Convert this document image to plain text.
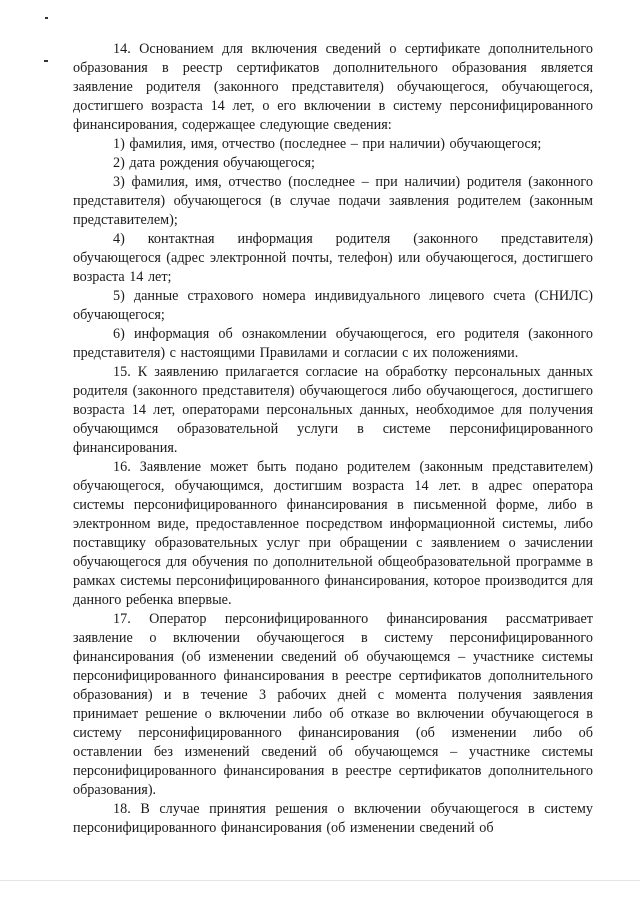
14. Основанием для включения сведений о сертификате дополнительного образования в реестр сертификатов дополнительного образования является заявление родителя (законного представителя) обучающегося, обучающегося, достигшего возраста 14 лет, о его включении в систему персонифицированного финансирования, содержащее следующие сведения:

1) фамилия, имя, отчество (последнее – при наличии) обучающегося;

2) дата рождения обучающегося;

3) фамилия, имя, отчество (последнее – при наличии) родителя (законного представителя) обучающегося (в случае подачи заявления родителем (законным представителем);

4) контактная информация родителя (законного представителя) обучающегося (адрес электронной почты, телефон) или обучающегося, достигшего возраста 14 лет;

5) данные страхового номера индивидуального лицевого счета (СНИЛС) обучающегося;

6) информация об ознакомлении обучающегося, его родителя (законного представителя) с настоящими Правилами и согласии с их положениями.

15. К заявлению прилагается согласие на обработку персональных данных родителя (законного представителя) обучающегося либо обучающегося, достигшего возраста 14 лет, операторами персональных данных, необходимое для получения обучающимся образовательной услуги в системе персонифицированного финансирования.

16. Заявление может быть подано родителем (законным представителем) обучающегося, обучающимся, достигшим возраста 14 лет. в адрес оператора системы персонифицированного финансирования в письменной форме, либо в электронном виде, предоставленное посредством информационной системы, либо поставщику образовательных услуг при обращении с заявлением о зачислении обучающегося для обучения по дополнительной общеобразовательной программе в рамках системы персонифицированного финансирования, которое производится для данного ребенка впервые.

17. Оператор персонифицированного финансирования рассматривает заявление о включении обучающегося в систему персонифицированного финансирования (об изменении сведений об обучающемся – участнике системы персонифицированного финансирования в реестре сертификатов дополнительного образования) и в течение 3 рабочих дней с момента получения заявления принимает решение о включении либо об отказе во включении обучающегося в систему персонифицированного финансирования (об изменении либо об оставлении без изменений сведений об обучающемся – участнике системы персонифицированного финансирования в реестре сертификатов дополнительного образования).

18. В случае принятия решения о включении обучающегося в систему персонифицированного финансирования (об изменении сведений об
